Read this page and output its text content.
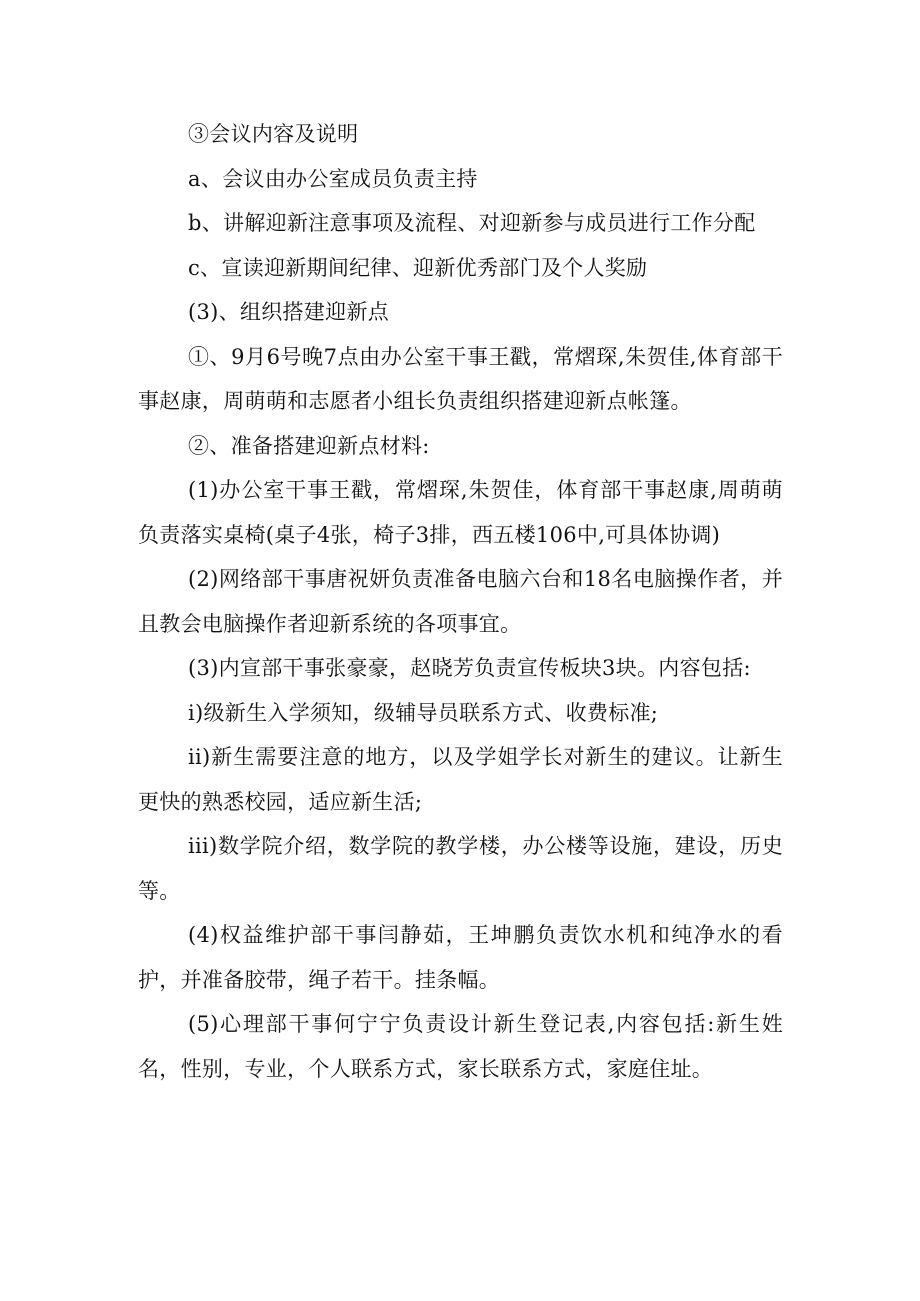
③会议内容及说明

a、会议由办公室成员负责主持

b、讲解迎新注意事项及流程、对迎新参与成员进行工作分配

c、宣读迎新期间纪律、迎新优秀部门及个人奖励

(3)、组织搭建迎新点

①、9月6号晚7点由办公室干事王戳，常熠琛,朱贺佳,体育部干事赵康，周萌萌和志愿者小组长负责组织搭建迎新点帐篷。

②、准备搭建迎新点材料:

(1)办公室干事王戳，常熠琛,朱贺佳，体育部干事赵康,周萌萌负责落实桌椅(桌子4张，椅子3排，西五楼106中,可具体协调)

(2)网络部干事唐祝妍负责准备电脑六台和18名电脑操作者，并且教会电脑操作者迎新系统的各项事宜。

(3)内宣部干事张豪豪，赵晓芳负责宣传板块3块。内容包括:

i)级新生入学须知，级辅导员联系方式、收费标准;

ii)新生需要注意的地方，以及学姐学长对新生的建议。让新生更快的熟悉校园，适应新生活;

iii)数学院介绍，数学院的教学楼，办公楼等设施，建设，历史等。

(4)权益维护部干事闫静茹，王坤鹏负责饮水机和纯净水的看护，并准备胶带，绳子若干。挂条幅。

(5)心理部干事何宁宁负责设计新生登记表,内容包括:新生姓名，性别，专业，个人联系方式，家长联系方式，家庭住址。
